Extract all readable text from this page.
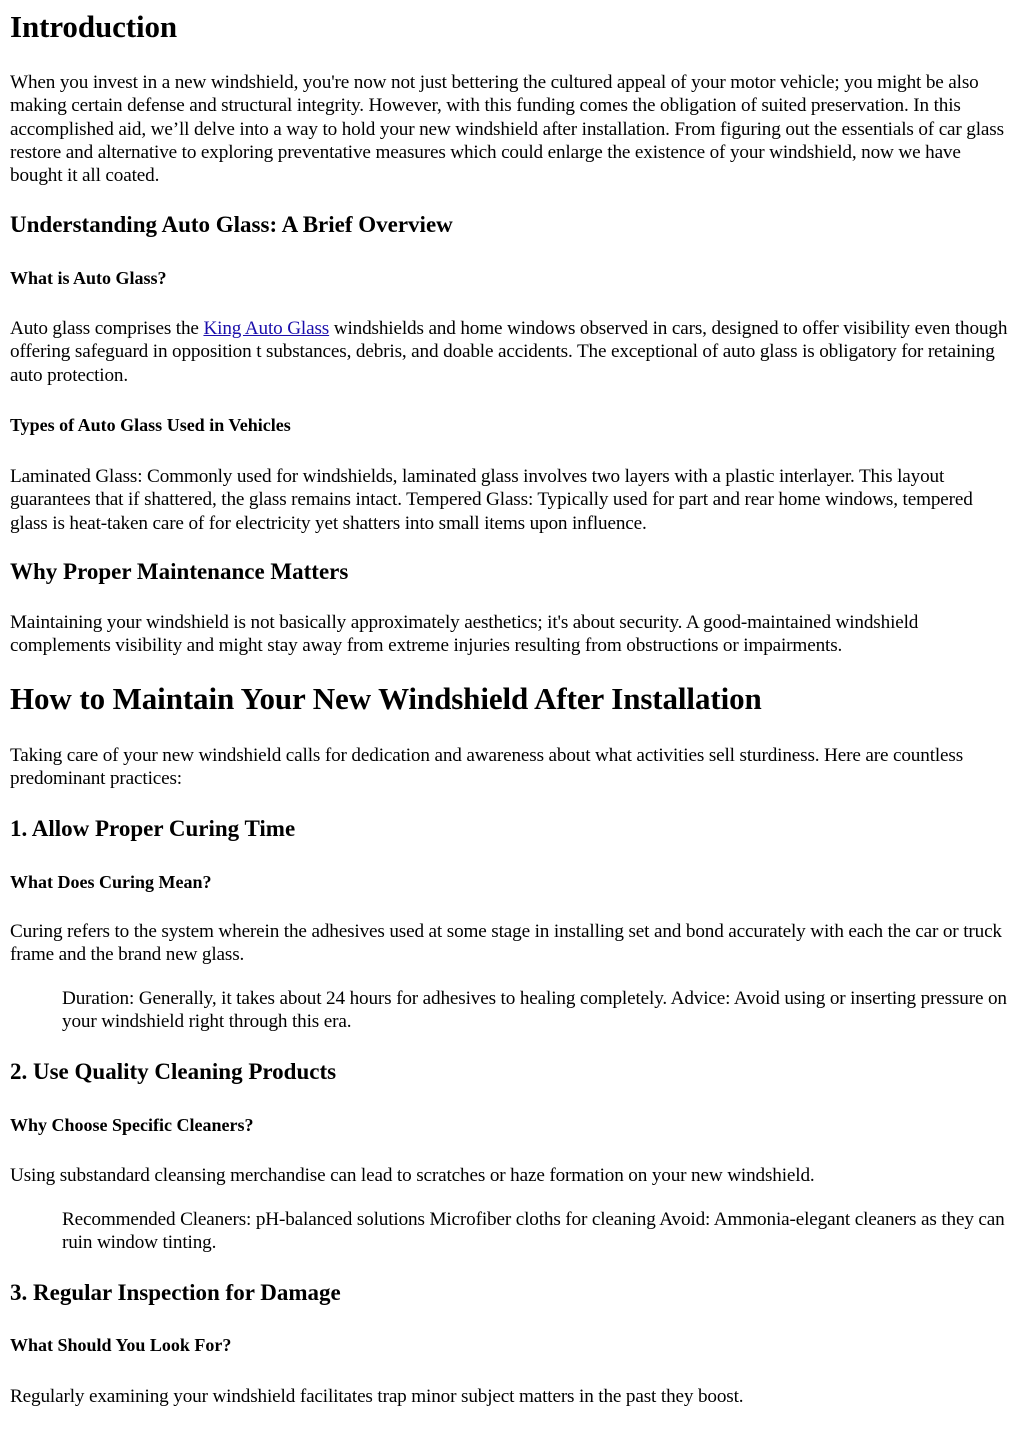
Introduction

When you invest in a new windshield, you're now not just bettering the cultured appeal of your motor vehicle; you might be also making certain defense and structural integrity. However, with this funding comes the obligation of suited preservation. In this accomplished aid, we’ll delve into a way to hold your new windshield after installation. From figuring out the essentials of car glass restore and alternative to exploring preventative measures which could enlarge the existence of your windshield, now we have bought it all coated.

Understanding Auto Glass: A Brief Overview
What is Auto Glass?

Auto glass comprises the King Auto Glass windshields and home windows observed in cars, designed to offer visibility even though offering safeguard in opposition t substances, debris, and doable accidents. The exceptional of auto glass is obligatory for retaining auto protection.

Types of Auto Glass Used in Vehicles

Laminated Glass: Commonly used for windshields, laminated glass involves two layers with a plastic interlayer. This layout guarantees that if shattered, the glass remains intact. Tempered Glass: Typically used for part and rear home windows, tempered glass is heat-taken care of for electricity yet shatters into small items upon influence.

Why Proper Maintenance Matters

Maintaining your windshield is not basically approximately aesthetics; it's about security. A good-maintained windshield complements visibility and might stay away from extreme injuries resulting from obstructions or impairments.

How to Maintain Your New Windshield After Installation

Taking care of your new windshield calls for dedication and awareness about what activities sell sturdiness. Here are countless predominant practices:

1. Allow Proper Curing Time
What Does Curing Mean?

Curing refers to the system wherein the adhesives used at some stage in installing set and bond accurately with each the car or truck frame and the brand new glass.

Duration: Generally, it takes about 24 hours for adhesives to healing completely. Advice: Avoid using or inserting pressure on your windshield right through this era.

2. Use Quality Cleaning Products
Why Choose Specific Cleaners?

Using substandard cleansing merchandise can lead to scratches or haze formation on your new windshield.

Recommended Cleaners: pH-balanced solutions Microfiber cloths for cleaning Avoid: Ammonia-elegant cleaners as they can ruin window tinting.

3. Regular Inspection for Damage
What Should You Look For?

Regularly examining your windshield facilitates trap minor subject matters in the past they boost.
